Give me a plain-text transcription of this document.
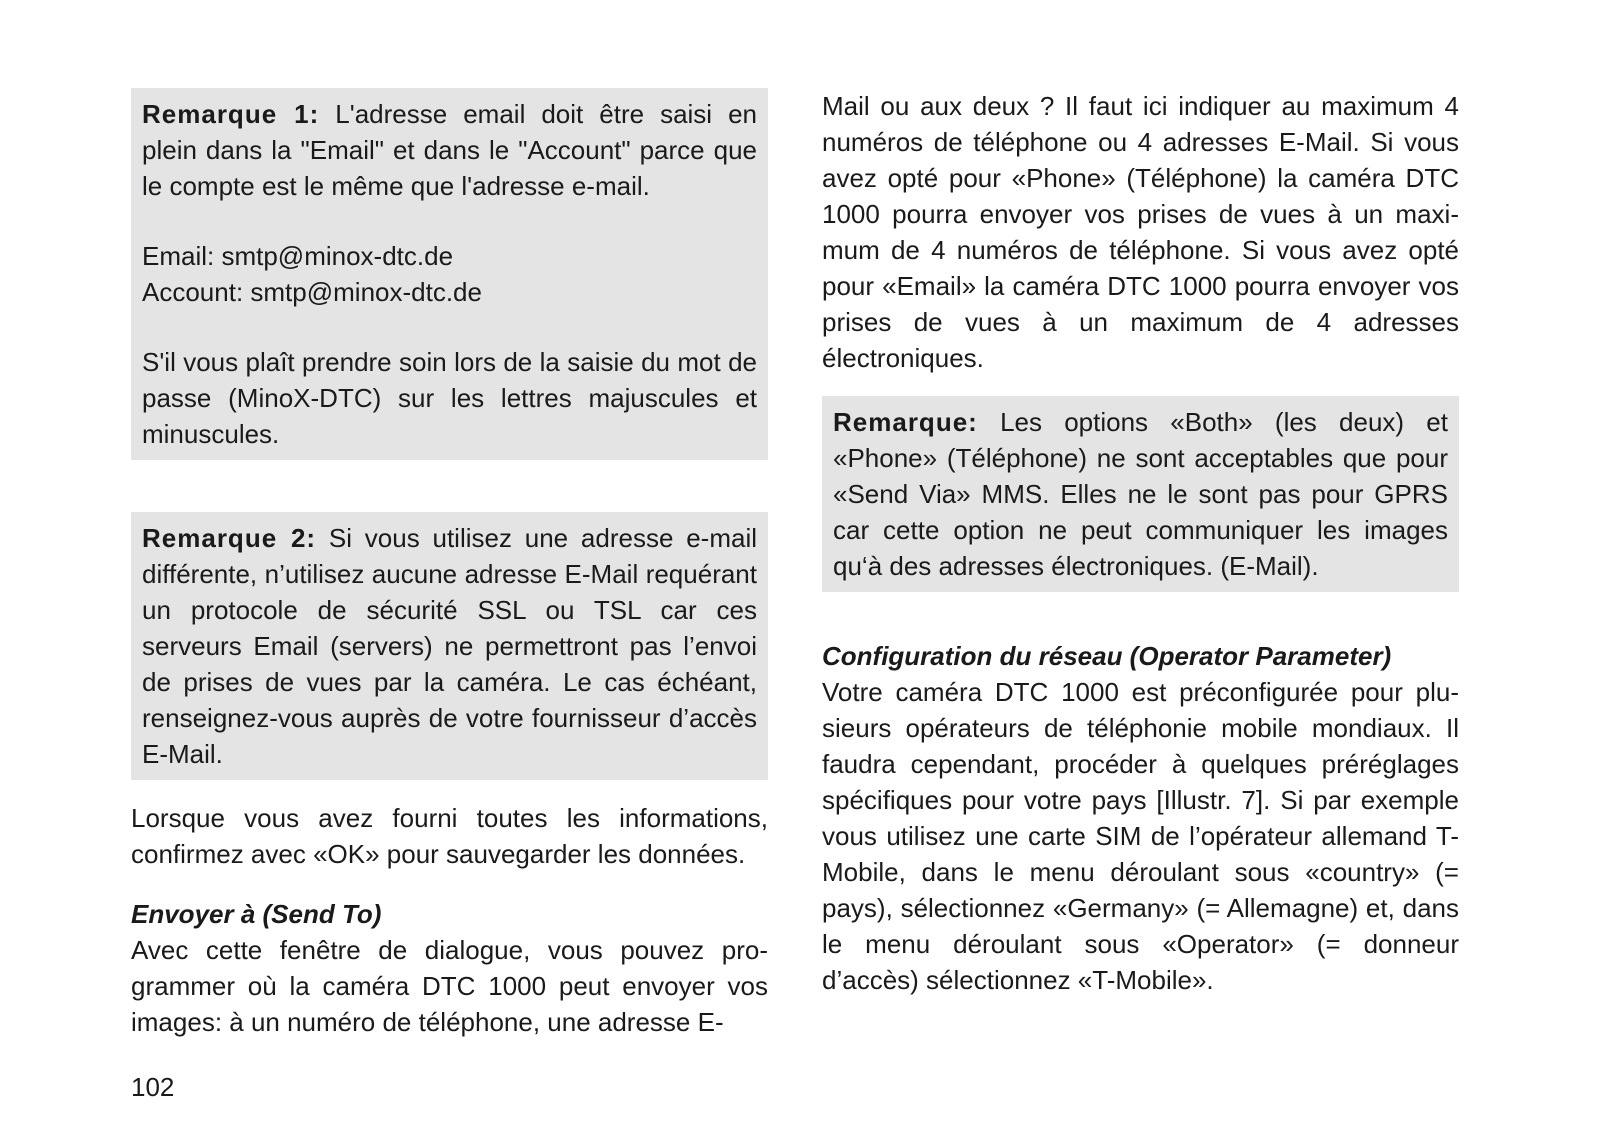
Remarque 1: L'adresse email doit être saisi en plein dans la "Email" et dans le "Account" parce que le compte est le même que l'adresse e-mail.

Email: smtp@minox-dtc.de
Account: smtp@minox-dtc.de

S'il vous plaît prendre soin lors de la saisie du mot de passe (MinoX-DTC) sur les lettres majuscules et minuscules.

Remarque 2: Si vous utilisez une adresse e-mail différente, n’utilisez aucune adresse E-Mail requérant un protocole de sécurité SSL ou TSL car ces serveurs Email (servers) ne permettront pas l’envoi de prises de vues par la caméra. Le cas échéant, renseignez-vous auprès de votre fournisseur d’accès E-Mail.

Lorsque vous avez fourni toutes les informations, confirmez avec «OK» pour sauvegarder les données.

Envoyer à (Send To)

Avec cette fenêtre de dialogue, vous pouvez programmer où la caméra DTC 1000 peut envoyer vos images: à un numéro de téléphone, une adresse E-

Mail ou aux deux ? Il faut ici indiquer au maximum 4 numéros de téléphone ou 4 adresses E-Mail. Si vous avez opté pour «Phone» (Téléphone) la caméra DTC 1000 pourra envoyer vos prises de vues à un maximum de 4 numéros de téléphone. Si vous avez opté pour «Email» la caméra DTC 1000 pourra envoyer vos prises de vues à un maximum de 4 adresses électroniques.

Remarque: Les options «Both» (les deux) et «Phone» (Téléphone) ne sont acceptables que pour «Send Via» MMS. Elles ne le sont pas pour GPRS car cette option ne peut communiquer les images qu‘à des adresses électroniques. (E-Mail).

Configuration du réseau (Operator Parameter)

Votre caméra DTC 1000 est préconfigurée pour plusieurs opérateurs de téléphonie mobile mondiaux. Il faudra cependant, procéder à quelques préréglages spécifiques pour votre pays [Illustr. 7]. Si par exemple vous utilisez une carte SIM de l’opérateur allemand T-Mobile, dans le menu déroulant sous «country» (= pays), sélectionnez «Germany» (= Allemagne) et, dans le menu déroulant sous «Operator» (= donneur d’accès) sélectionnez «T-Mobile».

102
